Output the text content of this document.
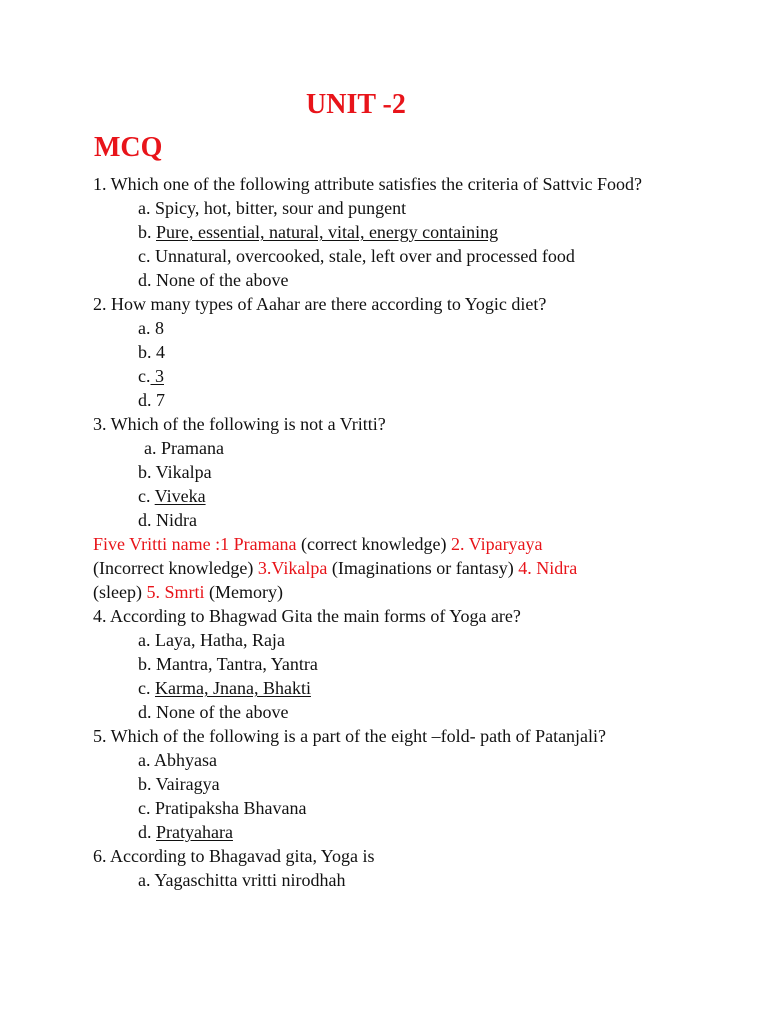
UNIT -2
MCQ

1. Which one of the following attribute satisfies the criteria of Sattvic Food?

a. Spicy, hot, bitter, sour and pungent

b. Pure, essential, natural, vital, energy containing

c. Unnatural, overcooked, stale, left over and processed food

d. None of the above

2. How many types of Aahar are there according to Yogic diet?

a. 8

b. 4

c. 3

d. 7

3. Which of the following is not a Vritti?

a. Pramana

b. Vikalpa

c. Viveka

d. Nidra

Five Vritti name :1 Pramana (correct knowledge) 2. Viparyaya
(Incorrect knowledge) 3.Vikalpa (Imaginations or fantasy) 4. Nidra
(sleep) 5. Smrti (Memory)

4. According to Bhagwad Gita the main forms of Yoga are?

a. Laya, Hatha, Raja

b. Mantra, Tantra, Yantra

c. Karma, Jnana, Bhakti

d. None of the above

5. Which of the following is a part of the eight –fold- path of Patanjali?

a. Abhyasa

b. Vairagya

c. Pratipaksha Bhavana

d. Pratyahara

6. According to Bhagavad gita, Yoga is

a. Yagaschitta vritti nirodhah
